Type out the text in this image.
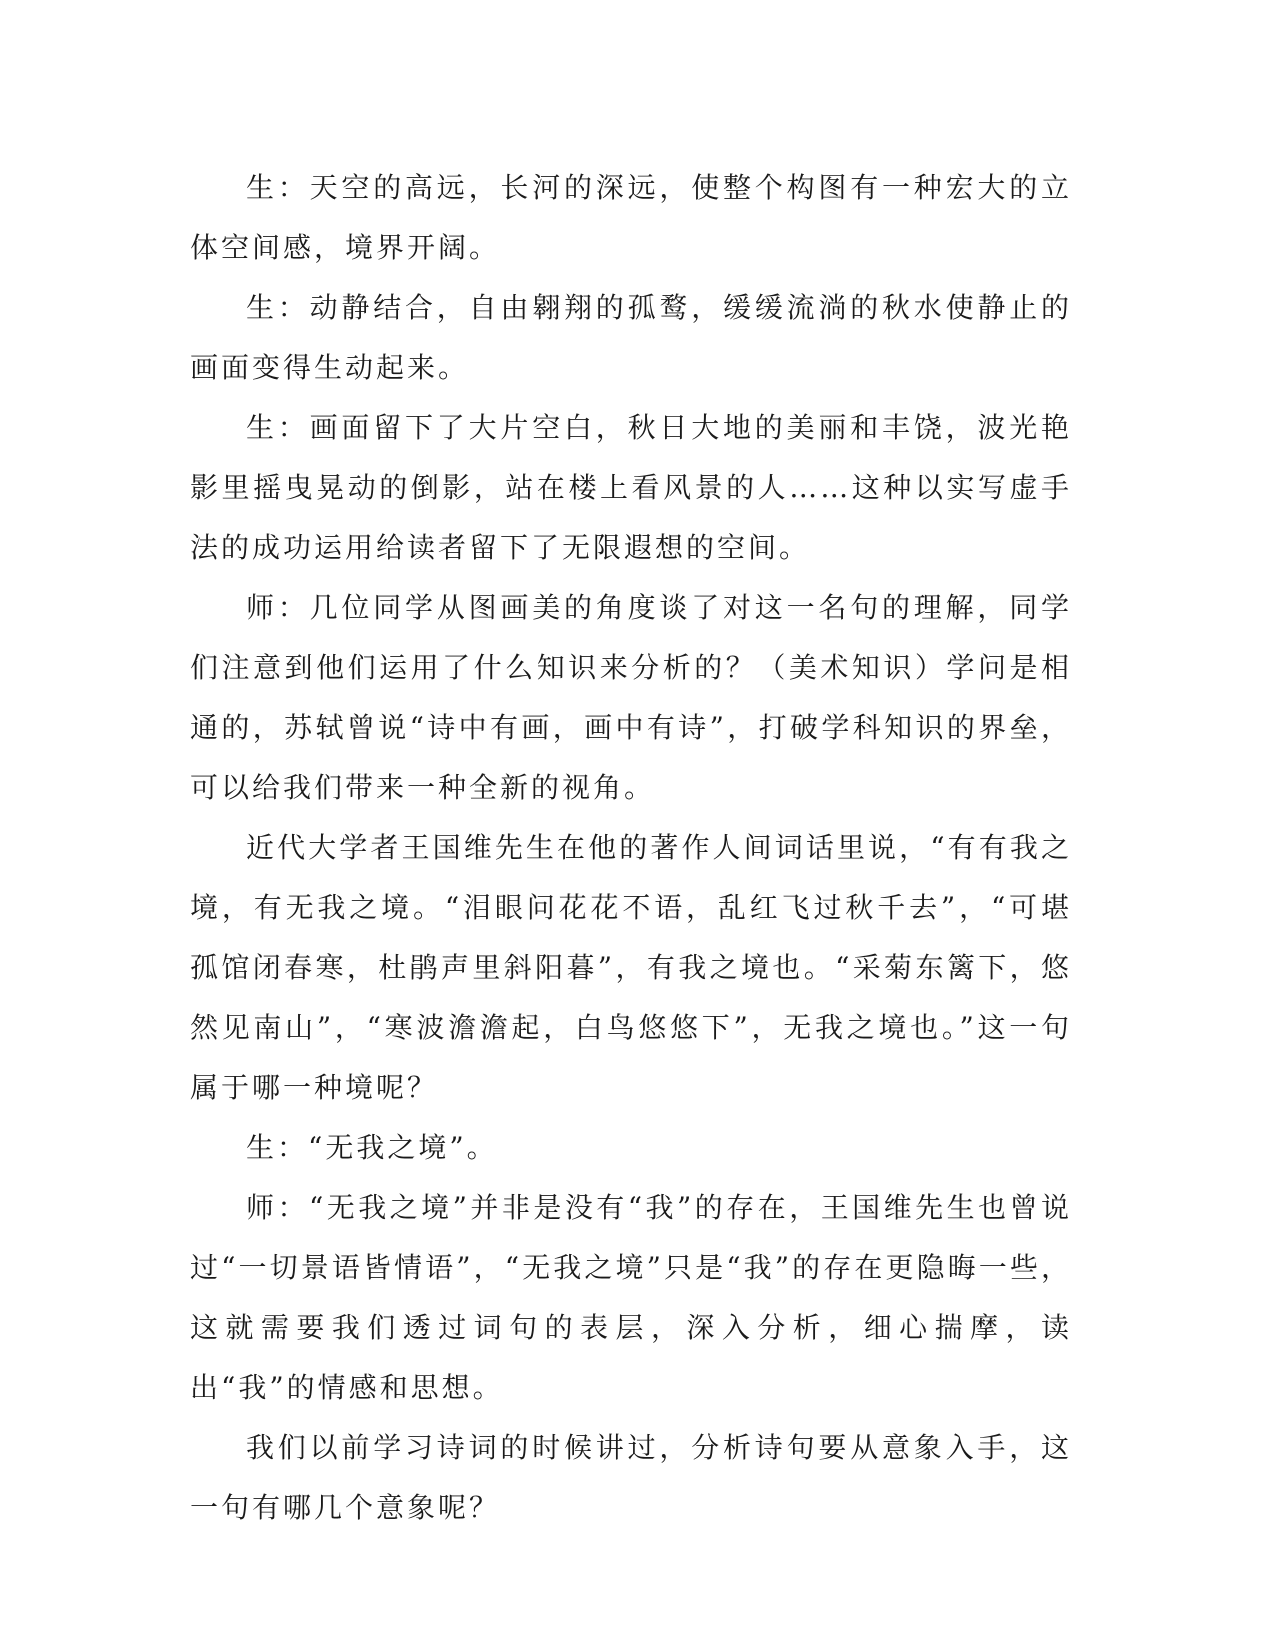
生：天空的高远，长河的深远，使整个构图有一种宏大的立体空间感，境界开阔。

生：动静结合，自由翱翔的孤鹜，缓缓流淌的秋水使静止的画面变得生动起来。

生：画面留下了大片空白，秋日大地的美丽和丰饶，波光艳影里摇曳晃动的倒影，站在楼上看风景的人……这种以实写虚手法的成功运用给读者留下了无限遐想的空间。

师：几位同学从图画美的角度谈了对这一名句的理解，同学们注意到他们运用了什么知识来分析的？（美术知识）学问是相通的，苏轼曾说“诗中有画，画中有诗”，打破学科知识的界垒，可以给我们带来一种全新的视角。

近代大学者王国维先生在他的著作人间词话里说，“有有我之境，有无我之境。“泪眼问花花不语，乱红飞过秋千去”，“可堪孤馆闭春寒，杜鹃声里斜阳暮”，有我之境也。“采菊东篱下，悠然见南山”，“寒波澹澹起，白鸟悠悠下”，无我之境也。”这一句属于哪一种境呢？

生：“无我之境”。

师：“无我之境”并非是没有“我”的存在，王国维先生也曾说过“一切景语皆情语”，“无我之境”只是“我”的存在更隐晦一些，这就需要我们透过词句的表层，深入分析，细心揣摩，读出“我”的情感和思想。

我们以前学习诗词的时候讲过，分析诗句要从意象入手，这一句有哪几个意象呢？
